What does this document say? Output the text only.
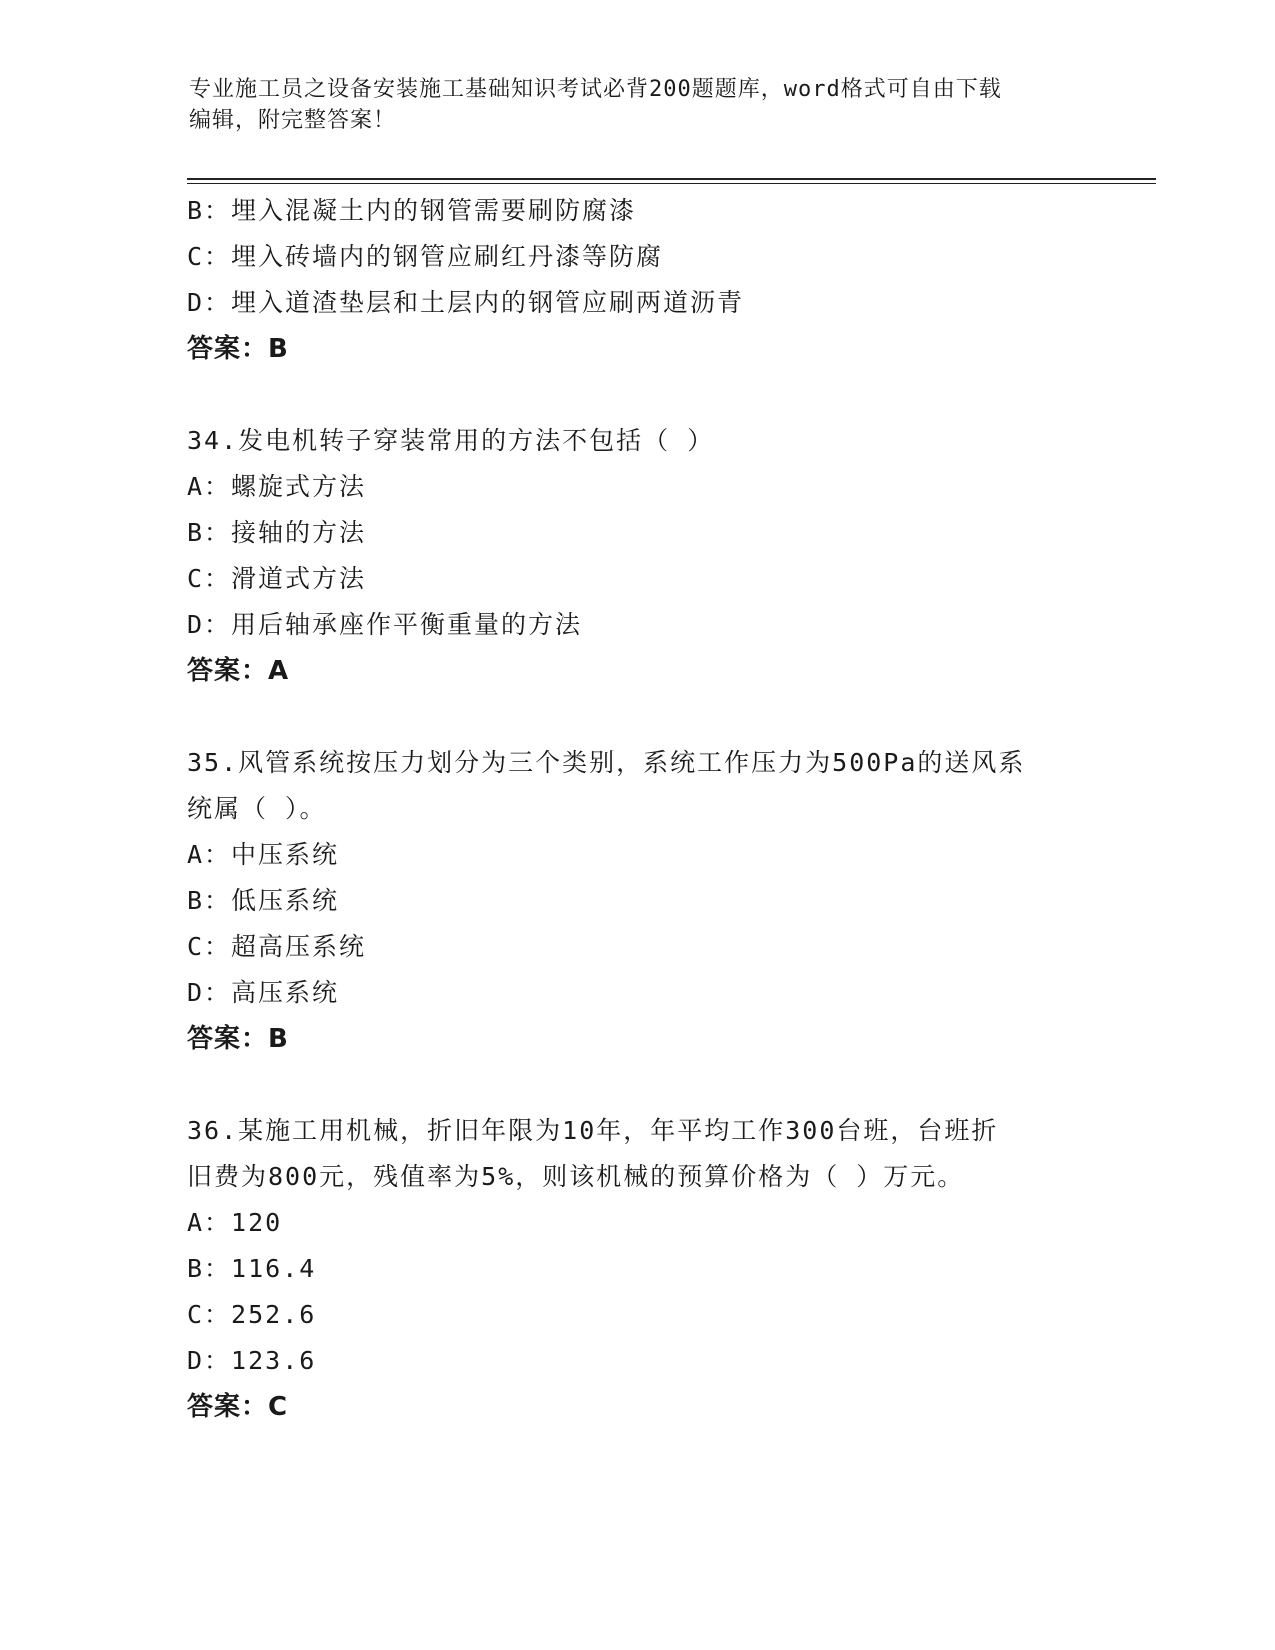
专业施工员之设备安装施工基础知识考试必背200题题库，word格式可自由下载
编辑，附完整答案！
B：埋入混凝土内的钢管需要刷防腐漆
C：埋入砖墙内的钢管应刷红丹漆等防腐
D：埋入道渣垫层和土层内的钢管应刷两道沥青
答案：B
34.发电机转子穿装常用的方法不包括（ ）
A：螺旋式方法
B：接轴的方法
C：滑道式方法
D：用后轴承座作平衡重量的方法
答案：A
35.风管系统按压力划分为三个类别，系统工作压力为500Pa的送风系
统属（ ）。
A：中压系统
B：低压系统
C：超高压系统
D：高压系统
答案：B
36.某施工用机械，折旧年限为10年，年平均工作300台班，台班折
旧费为800元，残值率为5%，则该机械的预算价格为（ ）万元。
A：120
B：116.4
C：252.6
D：123.6
答案：C
